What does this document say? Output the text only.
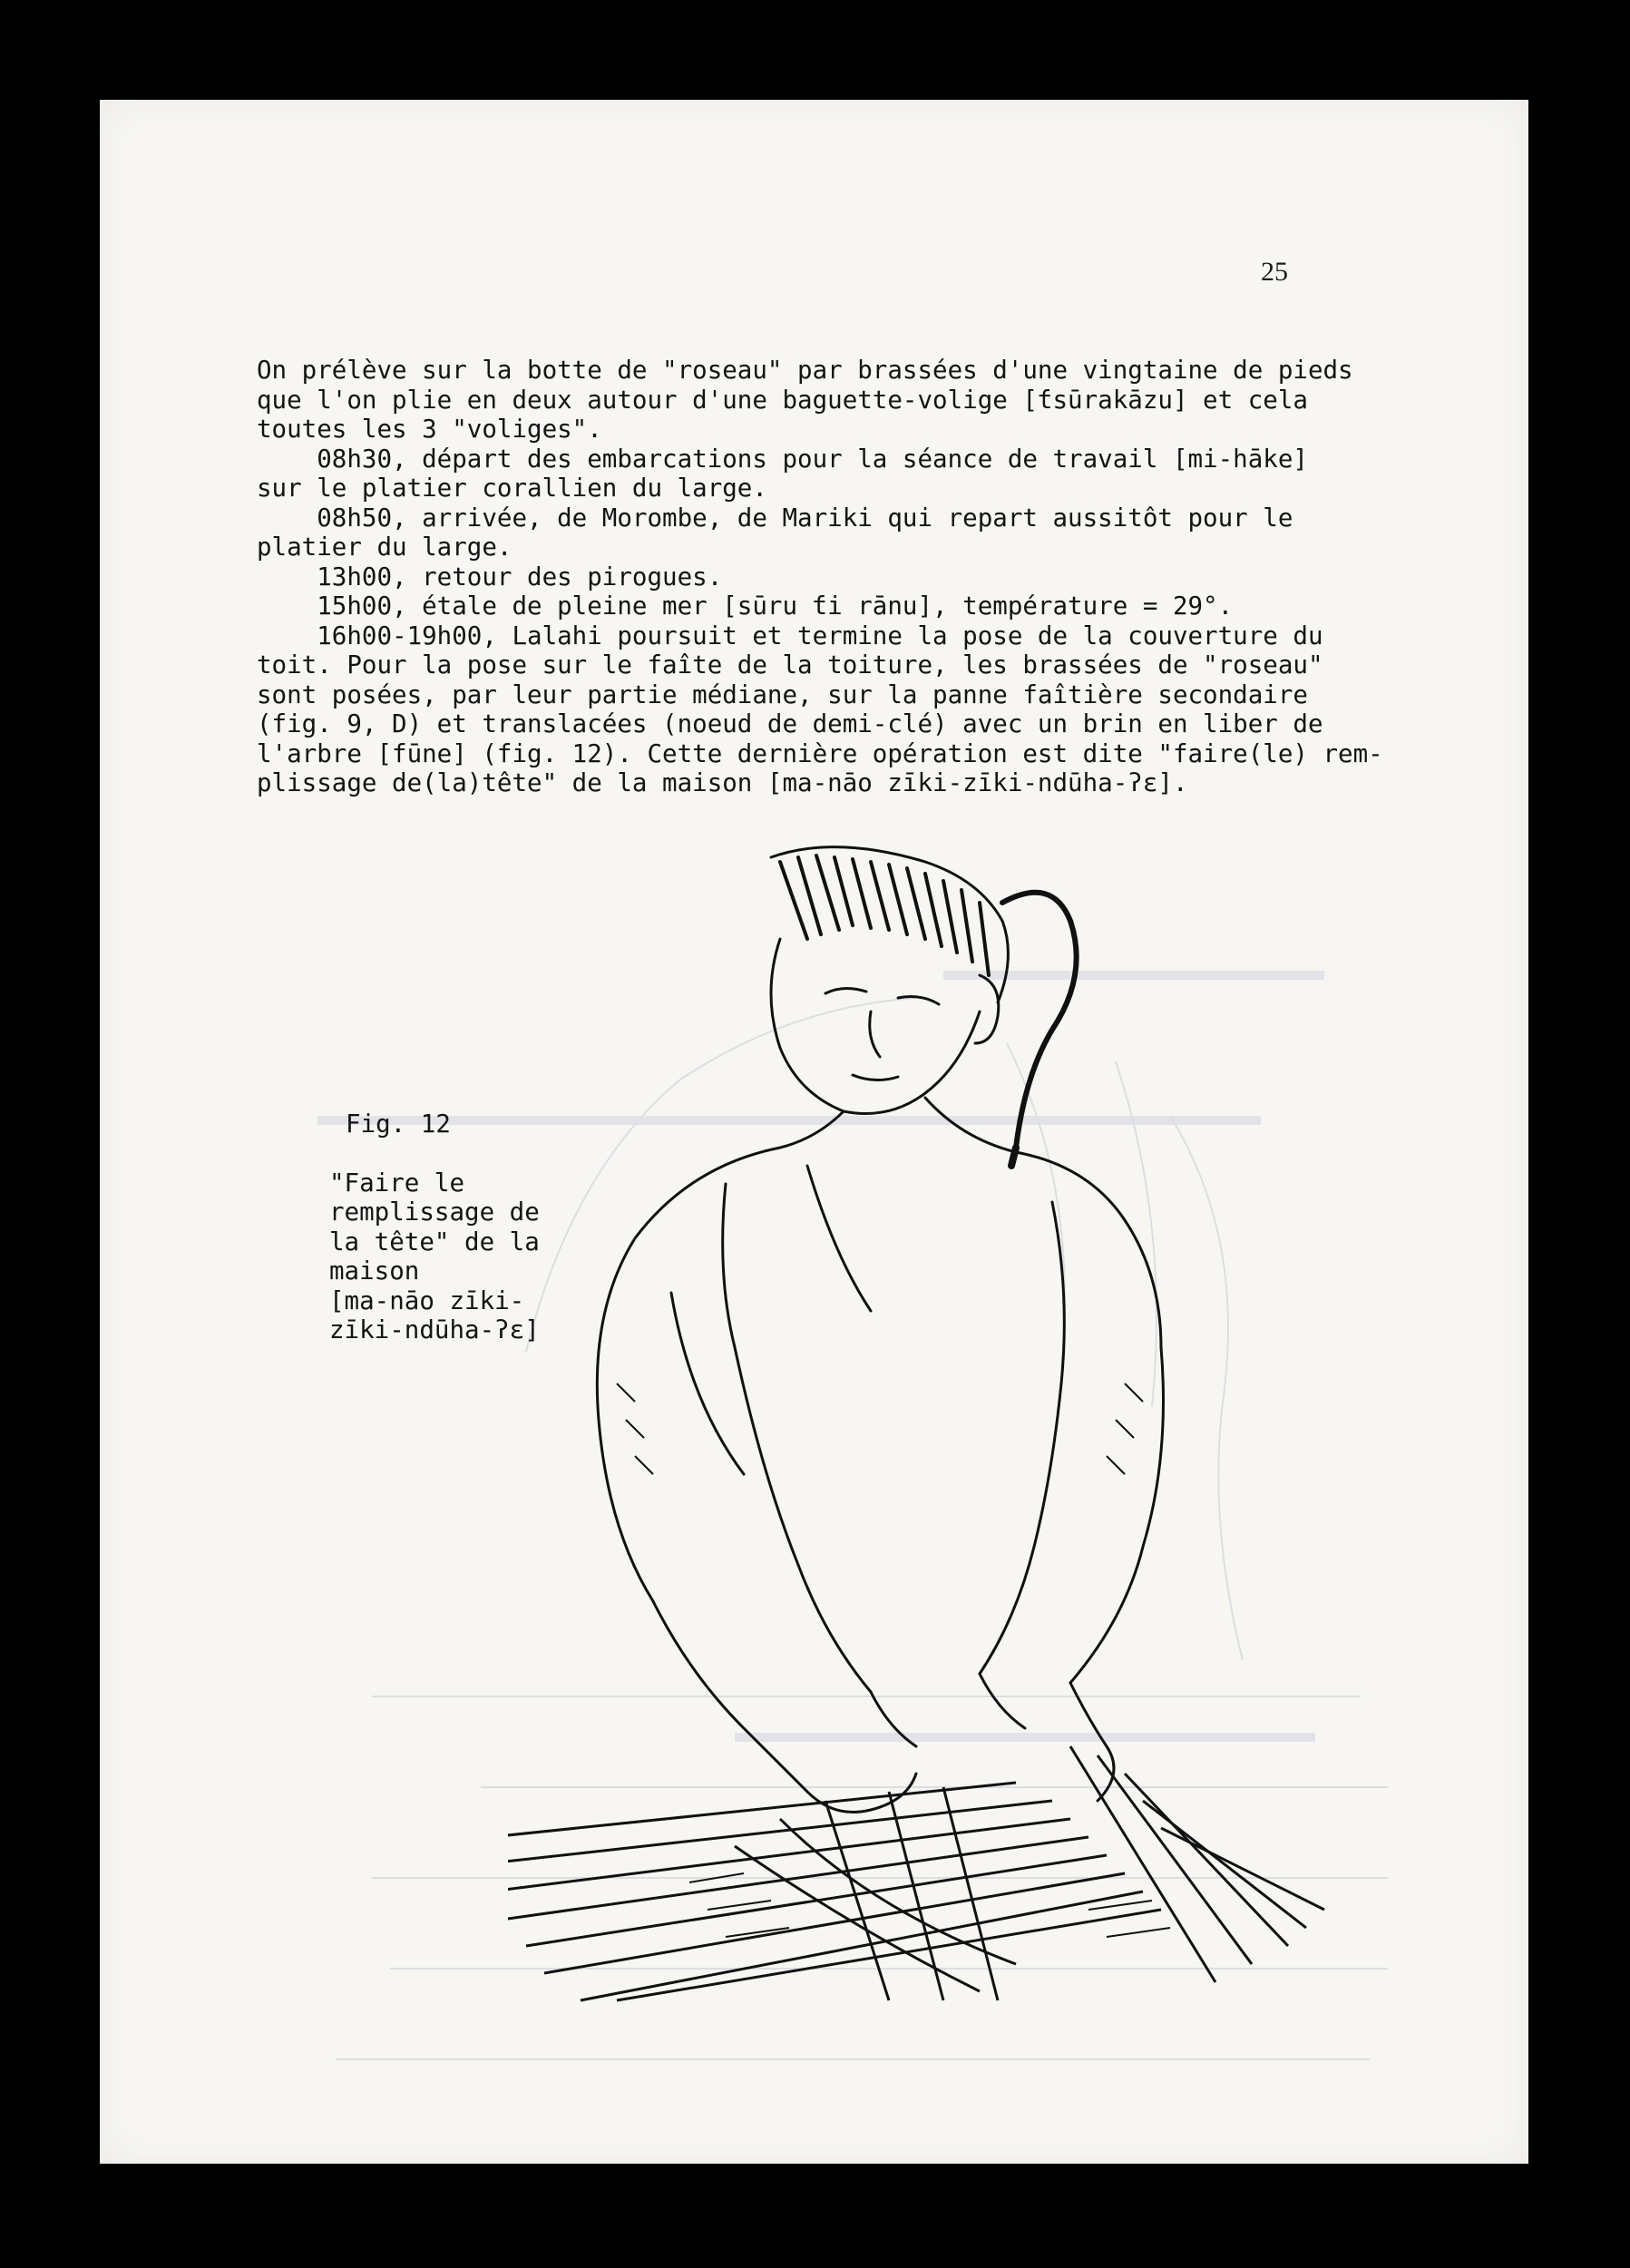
25

On prélève sur la botte de "roseau" par brassées d'une vingtaine de pieds

que l'on plie en deux autour d'une baguette-volige [ƭsūrakāzu] et cela

toutes les 3 "voliges".

08h30, départ des embarcations pour la séance de travail [mi-hāke]

sur le platier corallien du large.

08h50, arrivée, de Morombe, de Mariki qui repart aussitôt pour le

platier du large.

13h00, retour des pirogues.

15h00, étale de pleine mer [sūru ƭi rānu], température = 29°.

16h00-19h00, Lalahi poursuit et termine la pose de la couverture du

toit. Pour la pose sur le faîte de la toiture, les brassées de "roseau"

sont posées, par leur partie médiane, sur la panne faîtière secondaire

(fig. 9, D) et translacées (noeud de demi-clé) avec un brin en liber de

l'arbre [fūne] (fig. 12). Cette dernière opération est dite "faire(le) rem-

plissage de(la)tête" de la maison [ma-nāo zīki-zīki-ndūha-ʔɛ].

Fig. 12

"Faire le

remplissage de

la tête" de la

maison

[ma-nāo zīki-

zīki-ndūha-ʔɛ]
